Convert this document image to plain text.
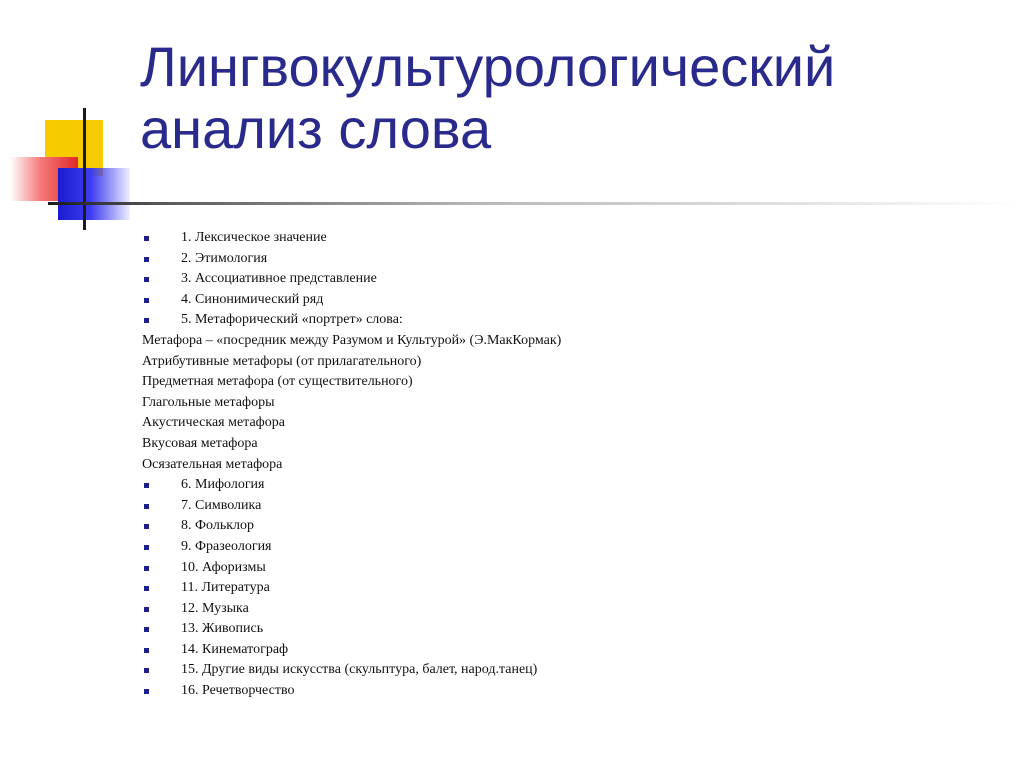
Лингвокультурологический анализ слова
1. Лексическое значение
2. Этимология
3. Ассоциативное представление
4. Синонимический ряд
5. Метафорический «портрет» слова:
Метафора – «посредник между Разумом и Культурой» (Э.МакКормак)
Атрибутивные метафоры (от прилагательного)
Предметная метафора (от существительного)
Глагольные метафоры
Акустическая метафора
Вкусовая метафора
Осязательная метафора
6. Мифология
7. Символика
8. Фольклор
9. Фразеология
10. Афоризмы
11. Литература
12. Музыка
13. Живопись
14. Кинематограф
15. Другие виды искусства (скульптура, балет, народ.танец)
16. Речетворчество
